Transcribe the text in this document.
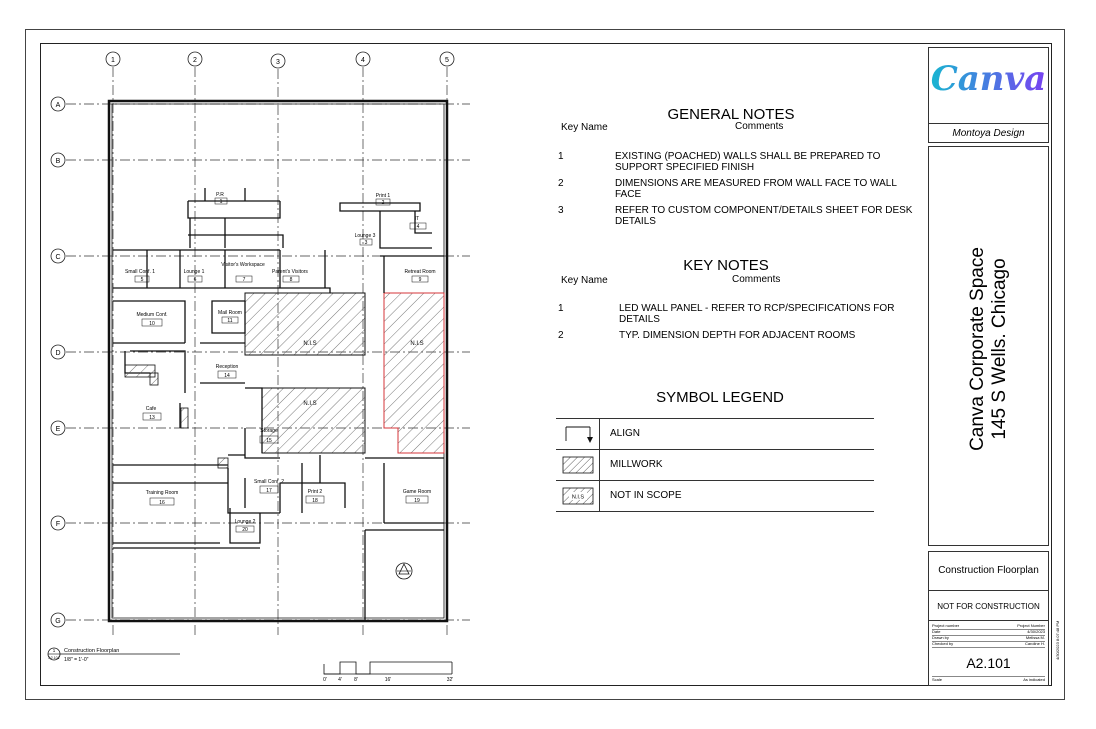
1	2	3	4	5
A
B
C
D
E
F
G
N.I.S
N.I.S
N.I.S
P.R
1
Print 1
2
Lounge 3
3
IT
4
Small Conf. 1
5
Lounge 1
6
Visitor's Workspace
7
Parent's Visitors
8
Retreat Room
9
Medium Conf.
10
Mail Room
11
Cafe
13
Reception
14
Storage
15
Training Room
16
Small Conf. 2
17	Print 2
18
Game Room
19
Lounge 2
20
1
A2.101
Construction Floorplan
1/8" = 1'-0"
0' 4' 8'	16'	32'
GENERAL NOTES
Key Name	Comments
1	EXISTING (POACHED) WALLS SHALL BE PREPARED TO SUPPORT SPECIFIED FINISH
2	DIMENSIONS ARE MEASURED FROM WALL FACE TO WALL FACE
3	REFER TO CUSTOM COMPONENT/DETAILS SHEET FOR DESK DETAILS
KEY NOTES
Key Name	Comments
1	LED WALL PANEL - REFER TO RCP/SPECIFICATIONS FOR DETAILS
2	TYP. DIMENSION DEPTH FOR ADJACENT ROOMS
SYMBOL LEGEND
ALIGN
MILLWORK
N.I.S	NOT IN SCOPE
Canva
Montoya Design
Canva Corporate Space 145 S Wells. Chicago
Construction Floorplan
NOT FOR CONSTRUCTION
Project number	Project Number
Date	4/30/2023
Drawn by	Melissa M.
Checked by	Caroline H.
A2.101
Scale	As indicated
4/30/2023 8:07:48 PM
